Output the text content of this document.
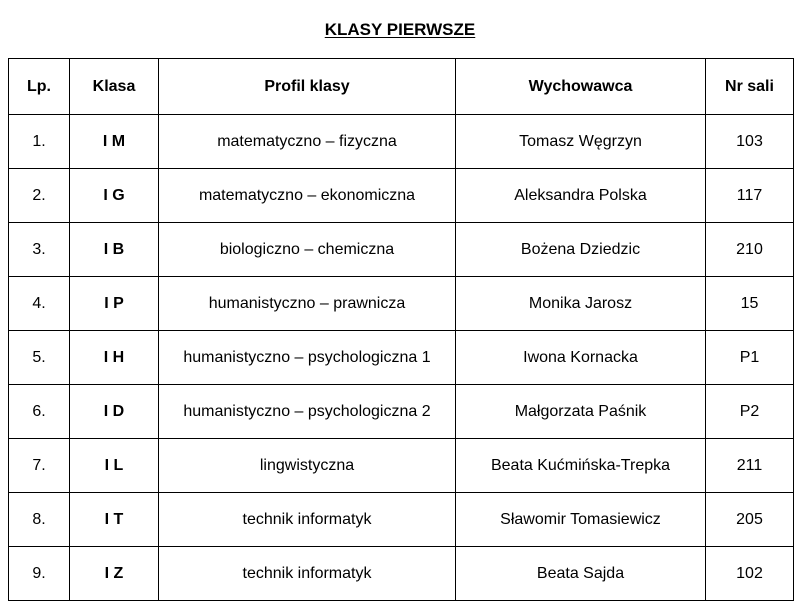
KLASY PIERWSZE
Lp.	Klasa	Profil klasy	Wychowawca	Nr sali
1.	I M	matematyczno – fizyczna	Tomasz Węgrzyn	103
2.	I G	matematyczno – ekonomiczna	Aleksandra Polska	117
3.	I B	biologiczno – chemiczna	Bożena Dziedzic	210
4.	I P	humanistyczno – prawnicza	Monika Jarosz	15
5.	I H	humanistyczno – psychologiczna 1	Iwona Kornacka	P1
6.	I D	humanistyczno – psychologiczna 2	Małgorzata Paśnik	P2
7.	I L	lingwistyczna	Beata Kućmińska-Trepka	211
8.	I T	technik informatyk	Sławomir Tomasiewicz	205
9.	I Z	technik informatyk	Beata Sajda	102
